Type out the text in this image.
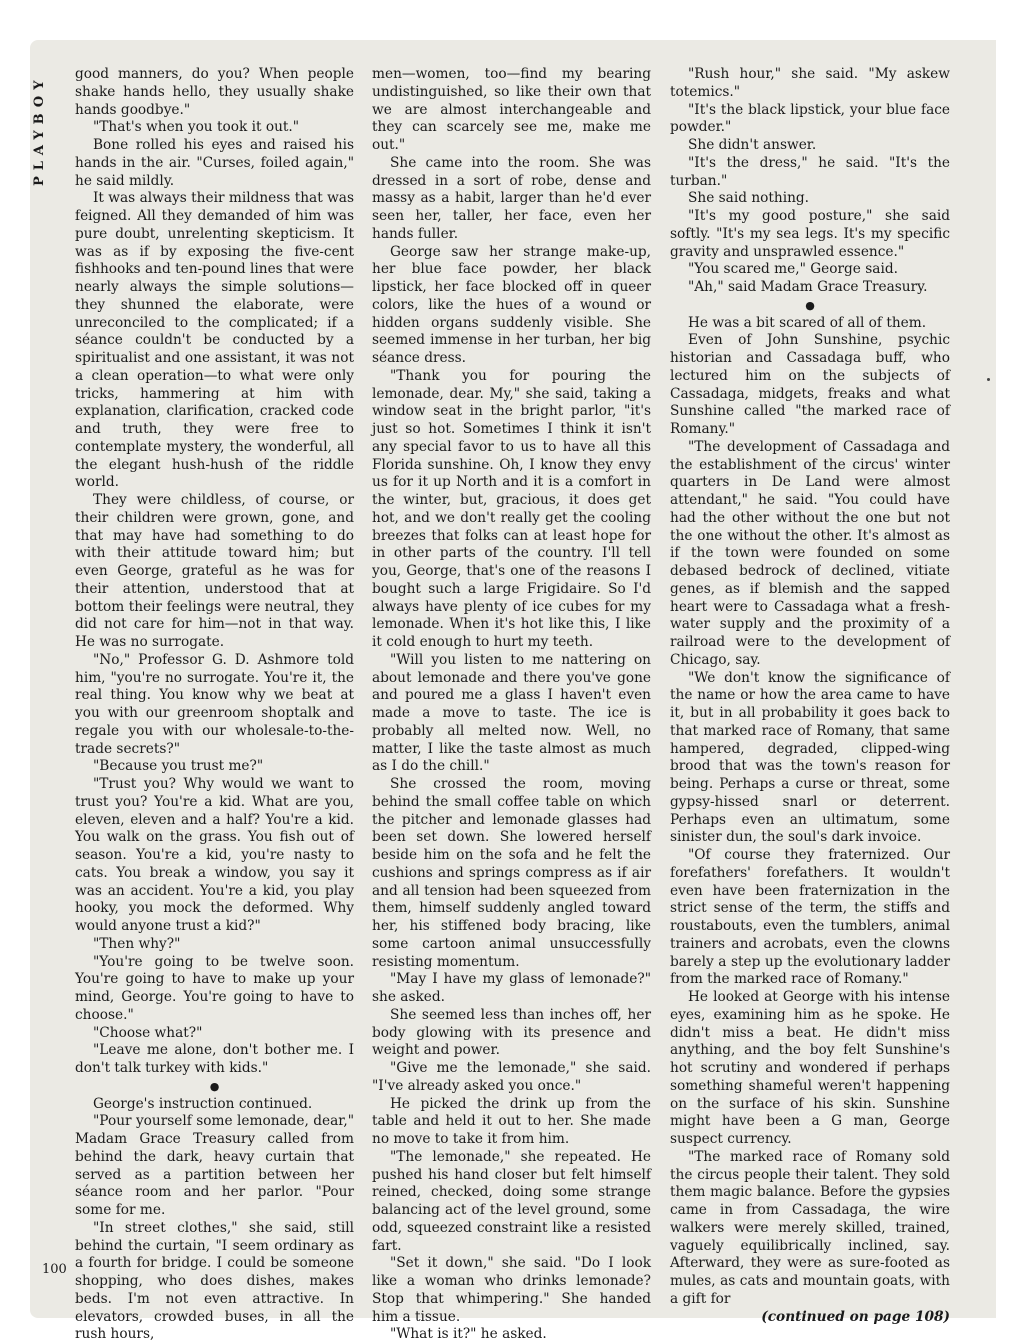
PLAYBOY

good manners, do you? When people shake hands hello, they usually shake hands goodbye."

"That's when you took it out."

Bone rolled his eyes and raised his hands in the air. "Curses, foiled again," he said mildly.

It was always their mildness that was feigned. All they demanded of him was pure doubt, unrelenting skepticism. It was as if by exposing the five-cent fishhooks and ten-pound lines that were nearly always the simple solutions—they shunned the elaborate, were unreconciled to the complicated; if a séance couldn't be conducted by a spiritualist and one assistant, it was not a clean operation—to what were only tricks, hammering at him with explanation, clarification, cracked code and truth, they were free to contemplate mystery, the wonderful, all the elegant hush-hush of the riddle world.

They were childless, of course, or their children were grown, gone, and that may have had something to do with their attitude toward him; but even George, grateful as he was for their attention, understood that at bottom their feelings were neutral, they did not care for him—not in that way. He was no surrogate.

"No," Professor G. D. Ashmore told him, "you're no surrogate. You're it, the real thing. You know why we beat at you with our greenroom shoptalk and regale you with our wholesale-to-the-trade secrets?"

"Because you trust me?"

"Trust you? Why would we want to trust you? You're a kid. What are you, eleven, eleven and a half? You're a kid. You walk on the grass. You fish out of season. You're a kid, you're nasty to cats. You break a window, you say it was an accident. You're a kid, you play hooky, you mock the deformed. Why would anyone trust a kid?"

"Then why?"

"You're going to be twelve soon. You're going to have to make up your mind, George. You're going to have to choose."

"Choose what?"

"Leave me alone, don't bother me. I don't talk turkey with kids."

●

George's instruction continued.

"Pour yourself some lemonade, dear," Madam Grace Treasury called from behind the dark, heavy curtain that served as a partition between her séance room and her parlor. "Pour some for me.

"In street clothes," she said, still behind the curtain, "I seem ordinary as a fourth for bridge. I could be someone shopping, who does dishes, makes beds. I'm not even attractive. In elevators, crowded buses, in all the rush hours,

men—women, too—find my bearing undistinguished, so like their own that we are almost interchangeable and they can scarcely see me, make me out."

She came into the room. She was dressed in a sort of robe, dense and massy as a habit, larger than he'd ever seen her, taller, her face, even her hands fuller.

George saw her strange make-up, her blue face powder, her black lipstick, her face blocked off in queer colors, like the hues of a wound or hidden organs suddenly visible. She seemed immense in her turban, her big séance dress.

"Thank you for pouring the lemonade, dear. My," she said, taking a window seat in the bright parlor, "it's just so hot. Sometimes I think it isn't any special favor to us to have all this Florida sunshine. Oh, I know they envy us for it up North and it is a comfort in the winter, but, gracious, it does get hot, and we don't really get the cooling breezes that folks can at least hope for in other parts of the country. I'll tell you, George, that's one of the reasons I bought such a large Frigidaire. So I'd always have plenty of ice cubes for my lemonade. When it's hot like this, I like it cold enough to hurt my teeth.

"Will you listen to me nattering on about lemonade and there you've gone and poured me a glass I haven't even made a move to taste. The ice is probably all melted now. Well, no matter, I like the taste almost as much as I do the chill."

She crossed the room, moving behind the small coffee table on which the pitcher and lemonade glasses had been set down. She lowered herself beside him on the sofa and he felt the cushions and springs compress as if air and all tension had been squeezed from them, himself suddenly angled toward her, his stiffened body bracing, like some cartoon animal unsuccessfully resisting momentum.

"May I have my glass of lemonade?" she asked.

She seemed less than inches off, her body glowing with its presence and weight and power.

"Give me the lemonade," she said. "I've already asked you once."

He picked the drink up from the table and held it out to her. She made no move to take it from him.

"The lemonade," she repeated. He pushed his hand closer but felt himself reined, checked, doing some strange balancing act of the level ground, some odd, squeezed constraint like a resisted fart.

"Set it down," she said. "Do I look like a woman who drinks lemonade? Stop that whimpering." She handed him a tissue.

"What is it?" he asked.

"Rush hour," she said. "My askew totemics."

"It's the black lipstick, your blue face powder."

She didn't answer.

"It's the dress," he said. "It's the turban."

She said nothing.

"It's my good posture," she said softly. "It's my sea legs. It's my specific gravity and unsprawled essence."

"You scared me," George said.

"Ah," said Madam Grace Treasury.

●

He was a bit scared of all of them.

Even of John Sunshine, psychic historian and Cassadaga buff, who lectured him on the subjects of Cassadaga, midgets, freaks and what Sunshine called "the marked race of Romany."

"The development of Cassadaga and the establishment of the circus' winter quarters in De Land were almost attendant," he said. "You could have had the other without the one but not the one without the other. It's almost as if the town were founded on some debased bedrock of declined, vitiate genes, as if blemish and the sapped heart were to Cassadaga what a fresh-water supply and the proximity of a railroad were to the development of Chicago, say.

"We don't know the significance of the name or how the area came to have it, but in all probability it goes back to that marked race of Romany, that same hampered, degraded, clipped-wing brood that was the town's reason for being. Perhaps a curse or threat, some gypsy-hissed snarl or deterrent. Perhaps even an ultimatum, some sinister dun, the soul's dark invoice.

"Of course they fraternized. Our forefathers' forefathers. It wouldn't even have been fraternization in the strict sense of the term, the stiffs and roustabouts, even the tumblers, animal trainers and acrobats, even the clowns barely a step up the evolutionary ladder from the marked race of Romany."

He looked at George with his intense eyes, examining him as he spoke. He didn't miss a beat. He didn't miss anything, and the boy felt Sunshine's hot scrutiny and wondered if perhaps something shameful weren't happening on the surface of his skin. Sunshine might have been a G man, George suspect currency.

"The marked race of Romany sold the circus people their talent. They sold them magic balance. Before the gypsies came in from Cassadaga, the wire walkers were merely skilled, trained, vaguely equilibrically inclined, say. Afterward, they were as sure-footed as mules, as cats and mountain goats, with a gift for

(continued on page 108)

100
